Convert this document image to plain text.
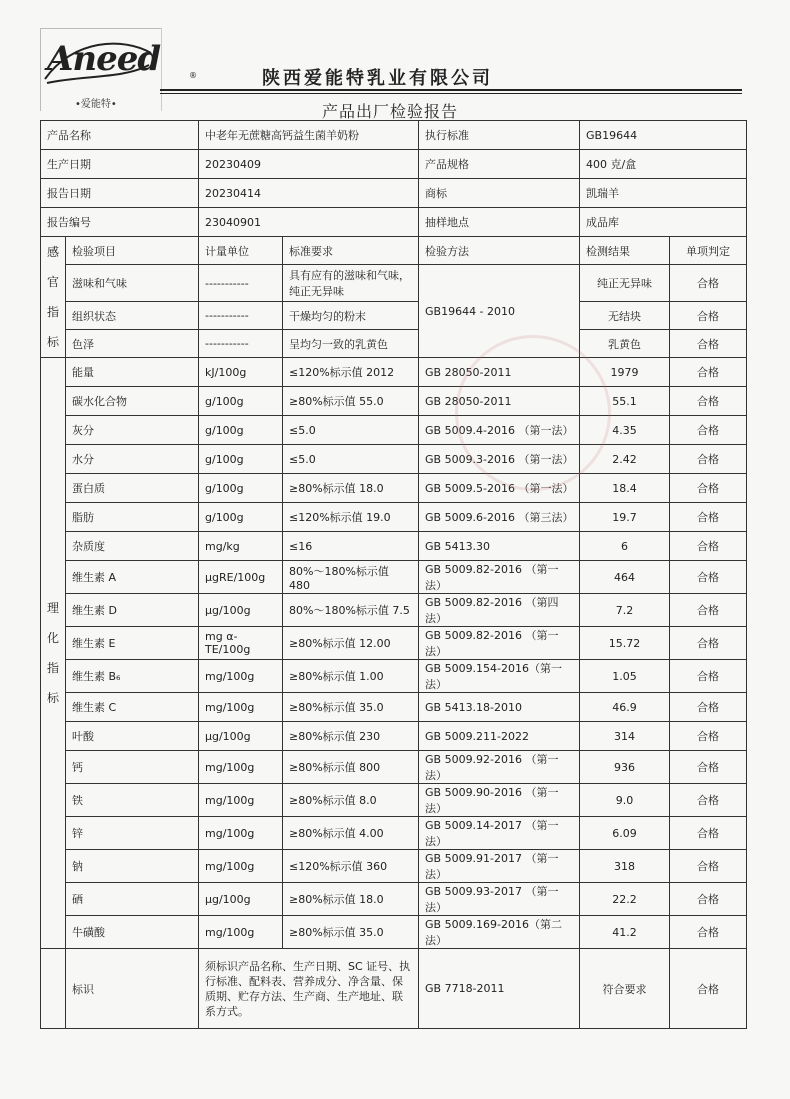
Aneed	®
•爱能特•
陕西爱能特乳业有限公司
产品出厂检验报告
产品名称		中老年无蔗糖高钙益生菌羊奶粉		执行标准	GB19644	
生产日期		20230409		产品规格	400 克/盒	
报告日期		20230414		商标	凯瑞羊	
报告编号		23040901		抽样地点	成品库	

感
官
指
标	检验项目	计量单位	标准要求	检验方法	检测结果	单项判定
	滋味和气味	-----------	具有应有的滋味和气味，纯正无异味	GB19644 - 2010	纯正无异味	合格
	组织状态	-----------	干燥均匀的粉末		无结块	合格
	色泽	-----------	呈均匀一致的乳黄色		乳黄色	合格

理
化
指
标	能量	kJ/100g	≤120%标示值 2012	GB 28050-2011	1979	合格
	碳水化合物	g/100g	≥80%标示值 55.0	GB 28050-2011	55.1	合格
	灰分	g/100g	≤5.0	GB 5009.4-2016 （第一法）	4.35	合格
	水分	g/100g	≤5.0	GB 5009.3-2016 （第一法）	2.42	合格
	蛋白质	g/100g	≥80%标示值 18.0	GB 5009.5-2016 （第一法）	18.4	合格
	脂肪	g/100g	≤120%标示值 19.0	GB 5009.6-2016 （第三法）	19.7	合格
	杂质度	mg/kg	≤16	GB 5413.30	6	合格
	维生素 A	μgRE/100g	80%～180%标示值 480	GB 5009.82-2016 （第一法）	464	合格
	维生素 D	μg/100g	80%～180%标示值 7.5	GB 5009.82-2016 （第四法）	7.2	合格
	维生素 E	mg α-TE/100g	≥80%标示值 12.00	GB 5009.82-2016 （第一法）	15.72	合格
	维生素 B₆	mg/100g	≥80%标示值 1.00	GB 5009.154-2016（第一法）	1.05	合格
	维生素 C	mg/100g	≥80%标示值 35.0	GB 5413.18-2010	46.9	合格
	叶酸	μg/100g	≥80%标示值 230	GB 5009.211-2022	314	合格
	钙	mg/100g	≥80%标示值 800	GB 5009.92-2016 （第一法）	936	合格
	铁	mg/100g	≥80%标示值 8.0	GB 5009.90-2016 （第一法）	9.0	合格
	锌	mg/100g	≥80%标示值 4.00	GB 5009.14-2017 （第一法）	6.09	合格
	钠	mg/100g	≤120%标示值 360	GB 5009.91-2017 （第一法）	318	合格
	硒	μg/100g	≥80%标示值 18.0	GB 5009.93-2017 （第一法）	22.2	合格
	牛磺酸	mg/100g	≥80%标示值 35.0	GB 5009.169-2016（第二法）	41.2	合格
	标识	须标识产品名称、生产日期、SC 证号、执行标准、配料表、营养成分、净含量、保质期、贮存方法、生产商、生产地址、联系方式。		GB 7718-2011	符合要求	合格
